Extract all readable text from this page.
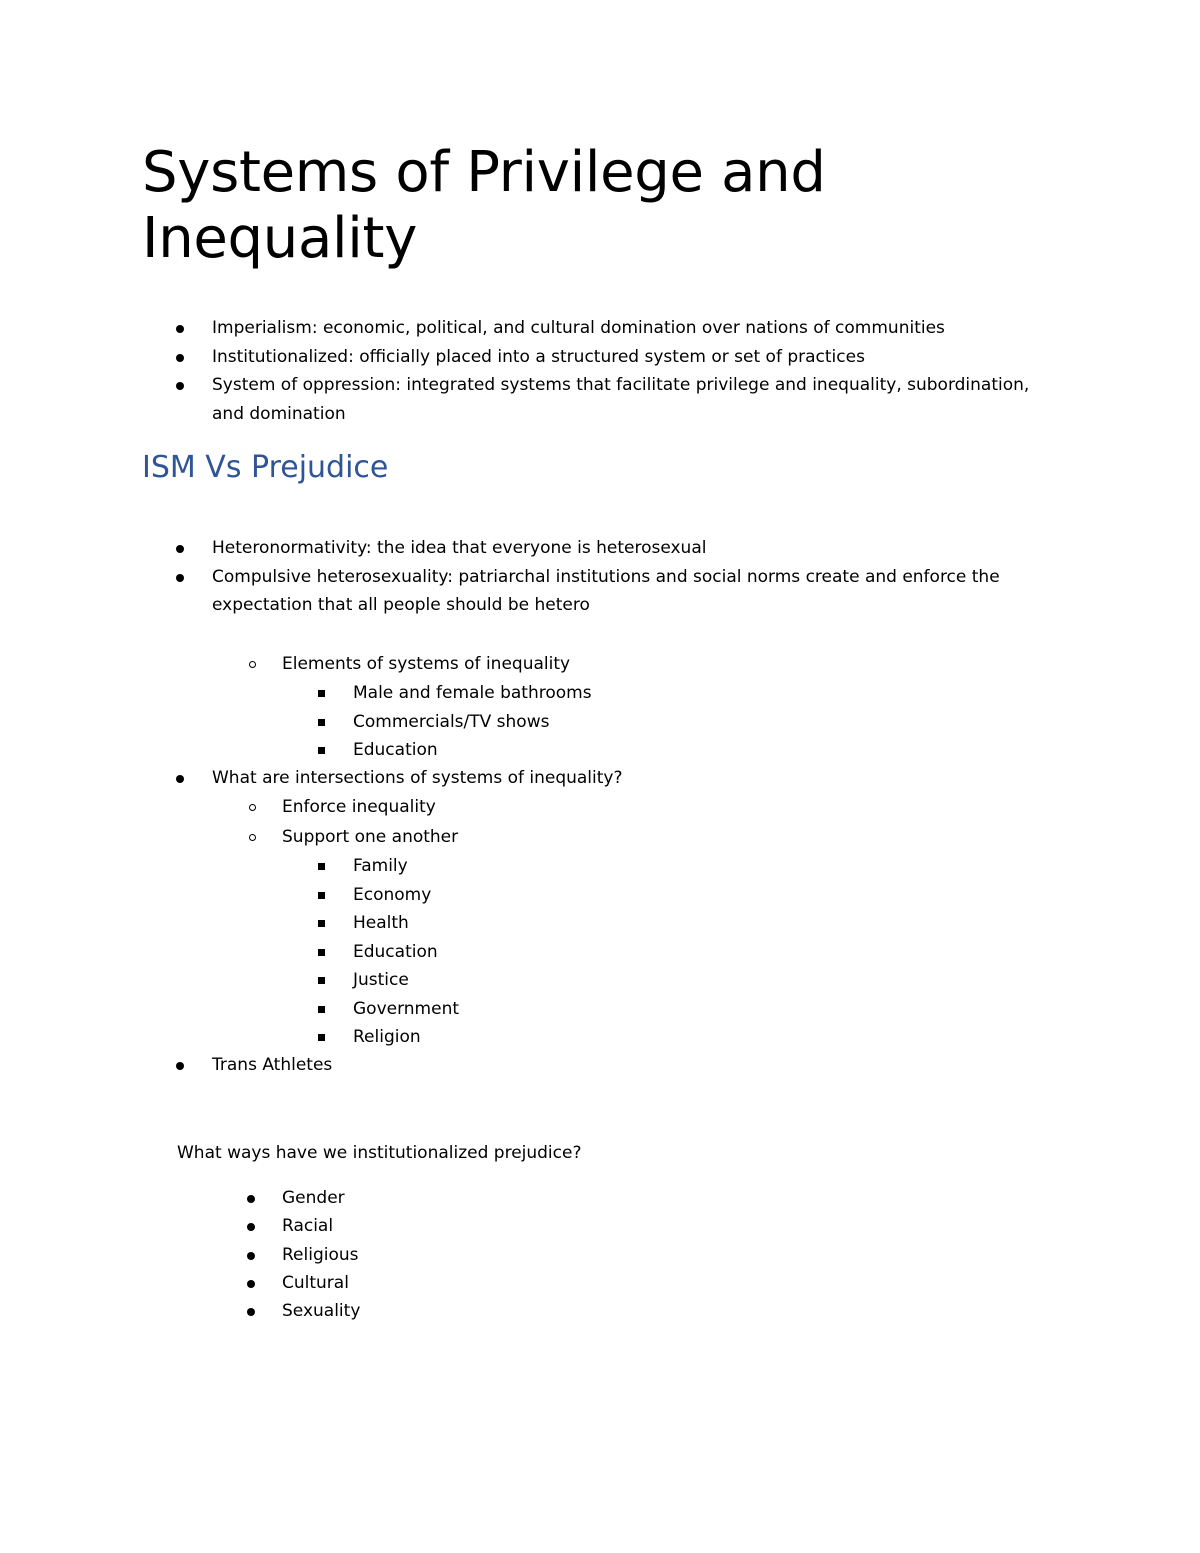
Systems of Privilege and Inequality
Imperialism: economic, political, and cultural domination over nations of communities
Institutionalized: officially placed into a structured system or set of practices
System of oppression: integrated systems that facilitate privilege and inequality, subordination, and domination
ISM Vs Prejudice
Heteronormativity: the idea that everyone is heterosexual
Compulsive heterosexuality: patriarchal institutions and social norms create and enforce the expectation that all people should be hetero
Elements of systems of inequality
Male and female bathrooms
Commercials/TV shows
Education
What are intersections of systems of inequality?
Enforce inequality
Support one another
Family
Economy
Health
Education
Justice
Government
Religion
Trans Athletes

What ways have we institutionalized prejudice?

Gender
Racial
Religious
Cultural
Sexuality
